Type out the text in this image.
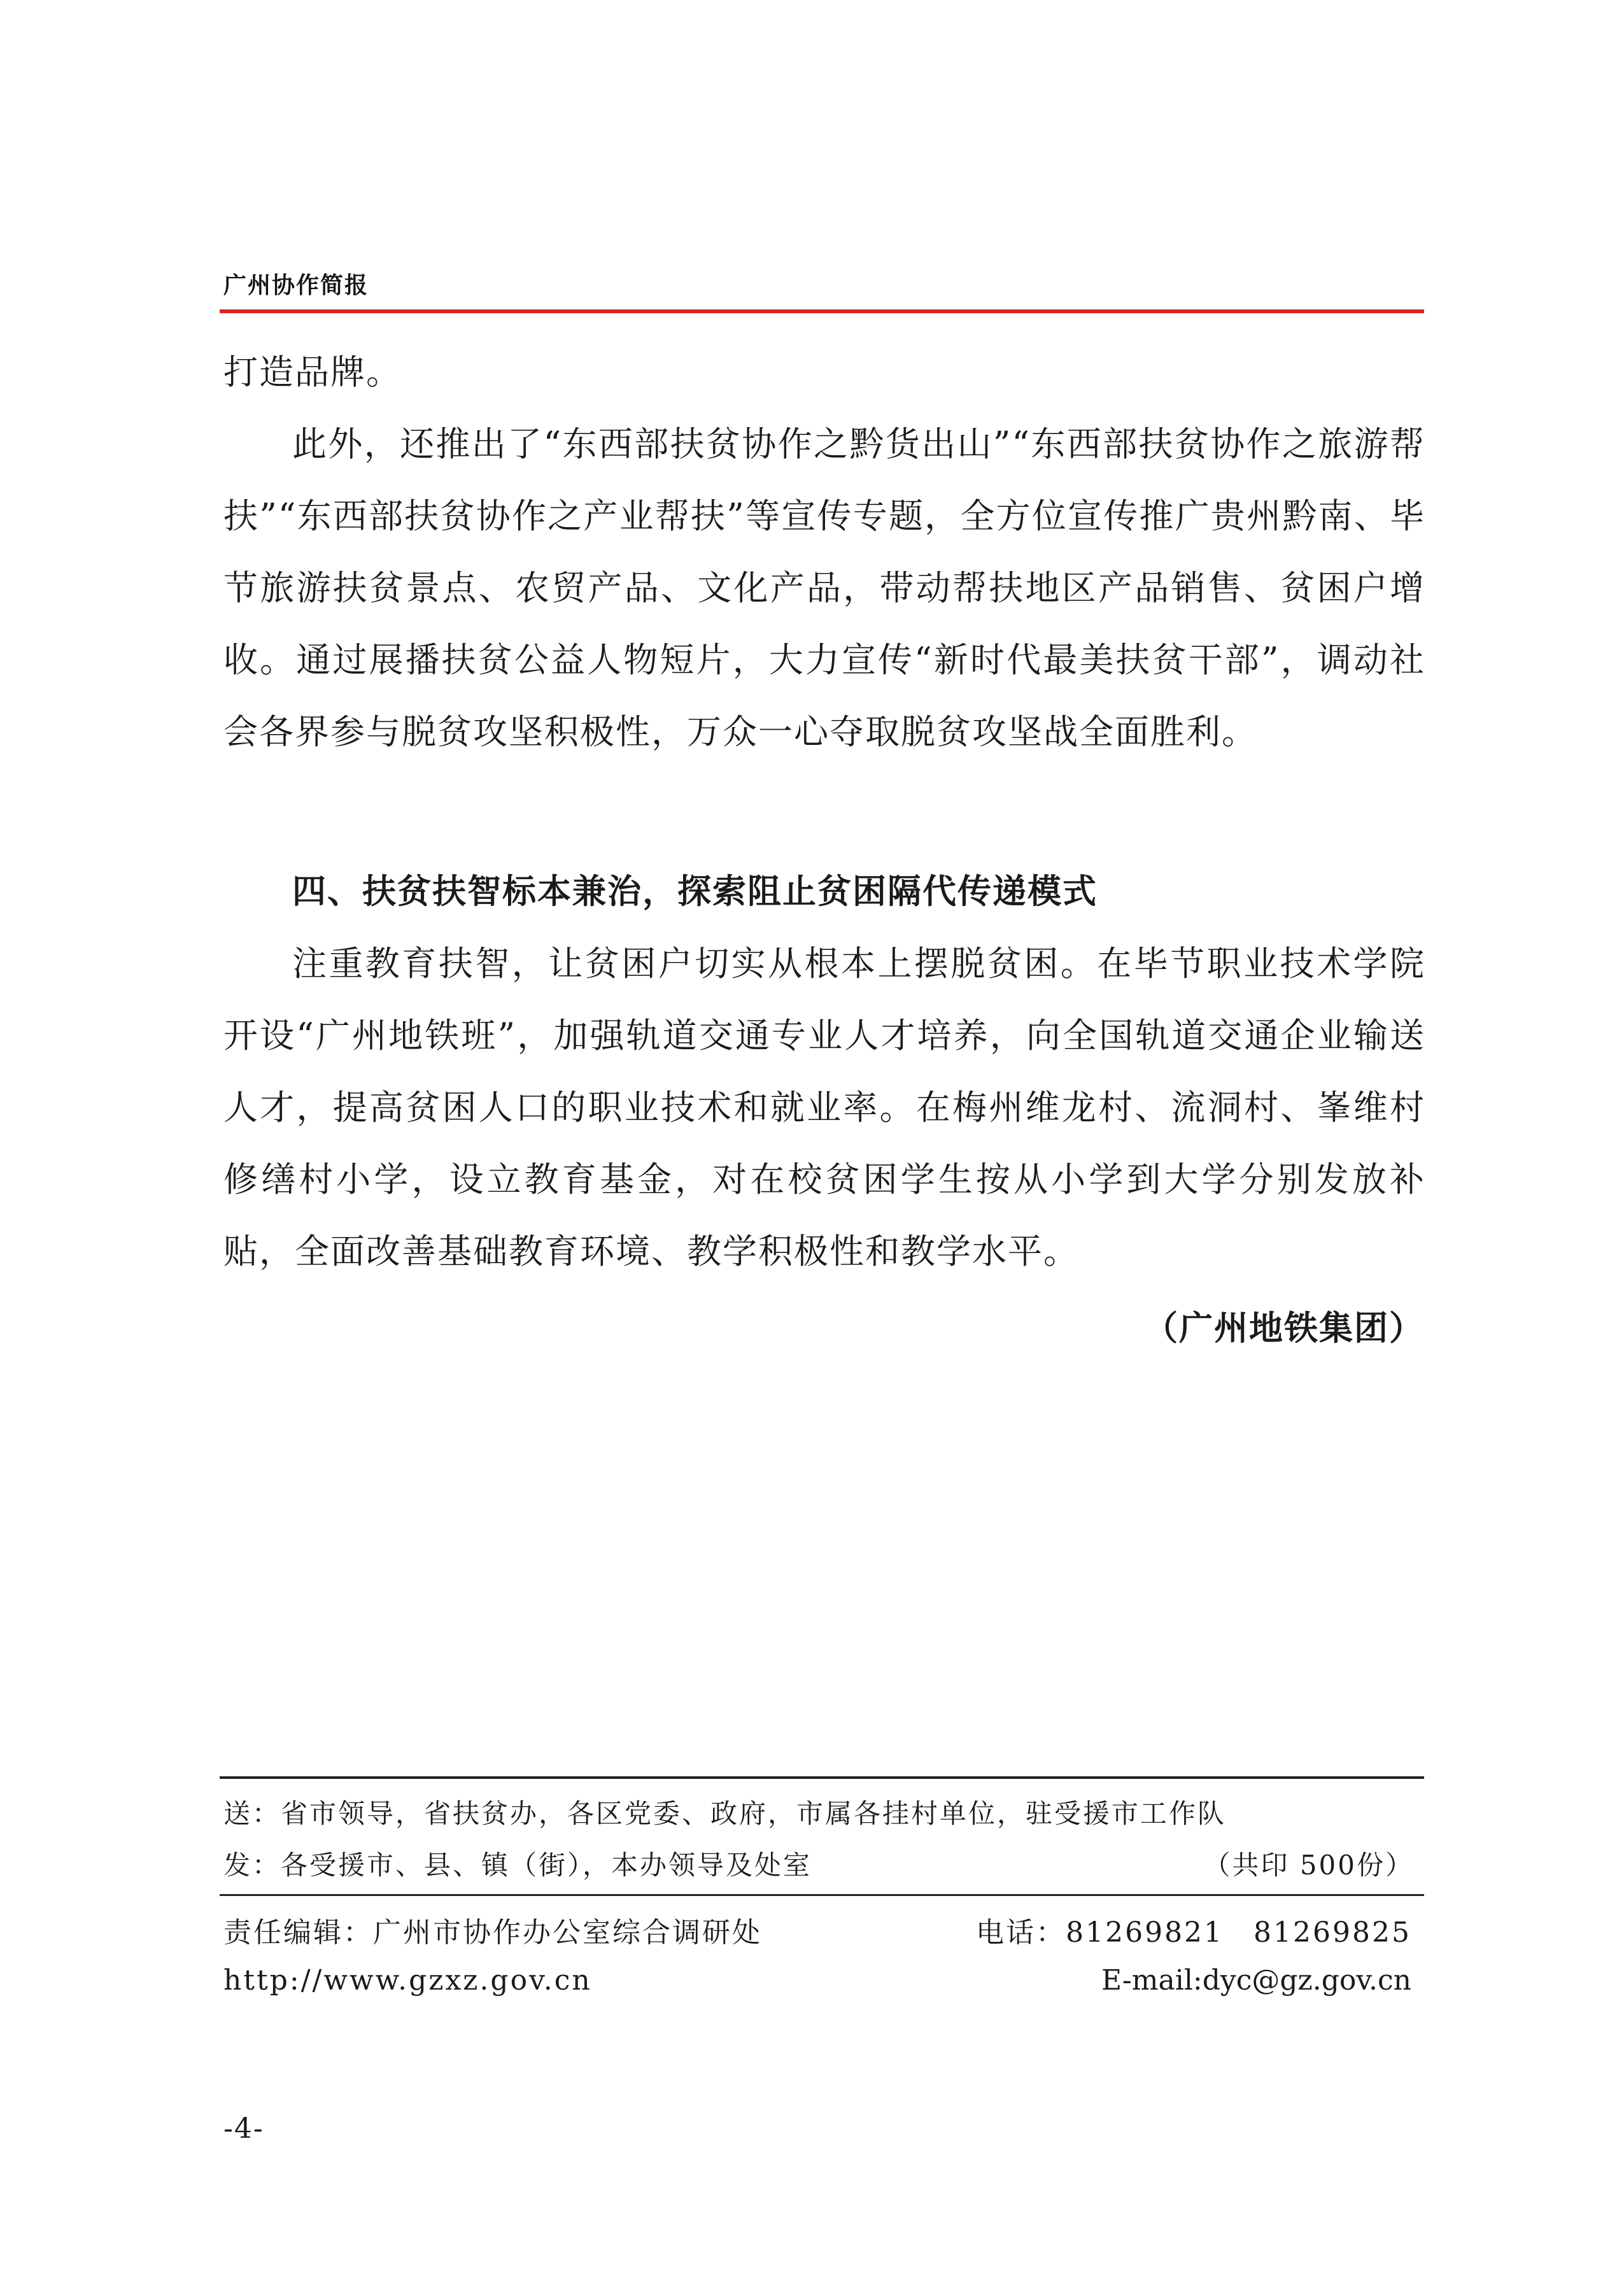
广州协作简报

打造品牌。

此外，还推出了“东西部扶贫协作之黔货出山”“东西部扶贫协作之旅游帮扶”“东西部扶贫协作之产业帮扶”等宣传专题，全方位宣传推广贵州黔南、毕节旅游扶贫景点、农贸产品、文化产品，带动帮扶地区产品销售、贫困户增收。通过展播扶贫公益人物短片，大力宣传“新时代最美扶贫干部”，调动社会各界参与脱贫攻坚积极性，万众一心夺取脱贫攻坚战全面胜利。

四、扶贫扶智标本兼治，探索阻止贫困隔代传递模式

注重教育扶智，让贫困户切实从根本上摆脱贫困。在毕节职业技术学院开设“广州地铁班”，加强轨道交通专业人才培养，向全国轨道交通企业输送人才，提高贫困人口的职业技术和就业率。在梅州维龙村、流洞村、峯维村修缮村小学，设立教育基金，对在校贫困学生按从小学到大学分别发放补贴，全面改善基础教育环境、教学积极性和教学水平。

（广州地铁集团）
送：省市领导，省扶贫办，各区党委、政府，市属各挂村单位，驻受援市工作队
发：各受援市、县、镇（街），本办领导及处室	（共印 500份）
责任编辑：广州市协作办公室综合调研处	电话：81269821　81269825
http://www.gzxz.gov.cn	E-mail:dyc@gz.gov.cn
-4-
